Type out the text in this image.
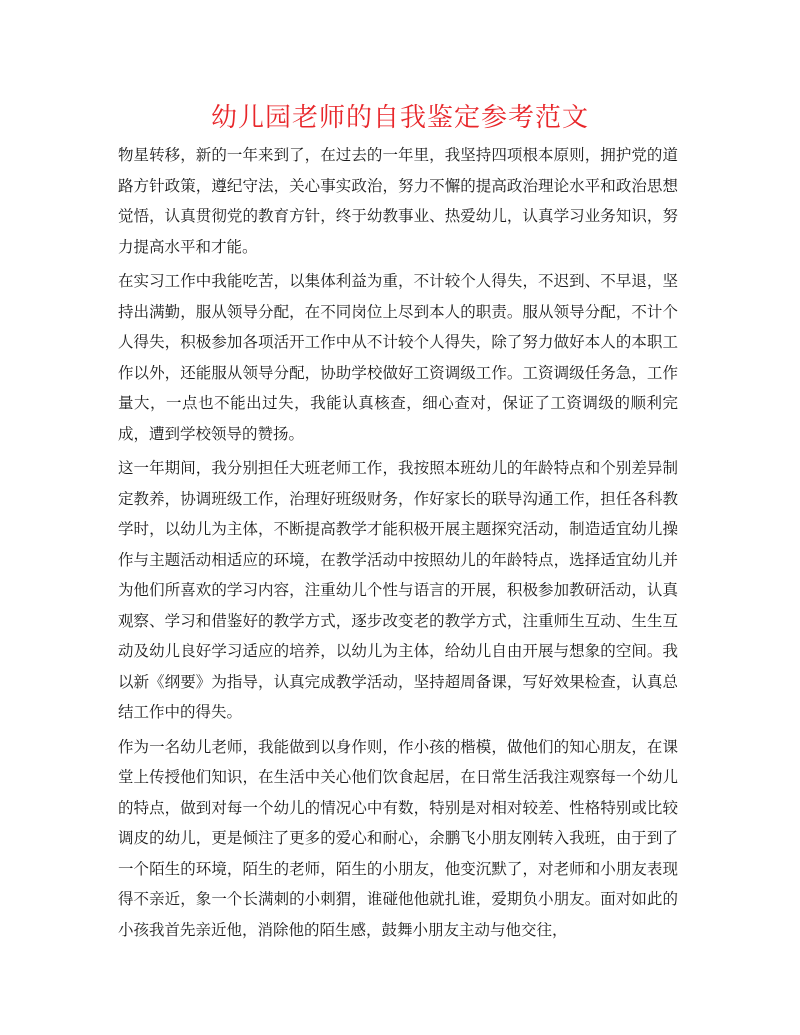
幼儿园老师的自我鉴定参考范文

物星转移，新的一年来到了，在过去的一年里，我坚持四项根本原则，拥护党的道路方针政策，遵纪守法，关心事实政治，努力不懈的提高政治理论水平和政治思想觉悟，认真贯彻党的教育方针，终于幼教事业、热爱幼儿，认真学习业务知识，努力提高水平和才能。

在实习工作中我能吃苦，以集体利益为重，不计较个人得失，不迟到、不早退，坚持出满勤，服从领导分配，在不同岗位上尽到本人的职责。服从领导分配，不计个人得失，积极参加各项活开工作中从不计较个人得失，除了努力做好本人的本职工作以外，还能服从领导分配，协助学校做好工资调级工作。工资调级任务急，工作量大，一点也不能出过失，我能认真核查，细心查对，保证了工资调级的顺利完成，遭到学校领导的赞扬。

这一年期间，我分别担任大班老师工作，我按照本班幼儿的年龄特点和个别差异制定教养，协调班级工作，治理好班级财务，作好家长的联导沟通工作，担任各科教学时，以幼儿为主体，不断提高教学才能积极开展主题探究活动，制造适宜幼儿操作与主题活动相适应的环境，在教学活动中按照幼儿的年龄特点，选择适宜幼儿并为他们所喜欢的学习内容，注重幼儿个性与语言的开展，积极参加教研活动，认真观察、学习和借鉴好的教学方式，逐步改变老的教学方式，注重师生互动、生生互动及幼儿良好学习适应的培养，以幼儿为主体，给幼儿自由开展与想象的空间。我以新《纲要》为指导，认真完成教学活动，坚持超周备课，写好效果检查，认真总结工作中的得失。

作为一名幼儿老师，我能做到以身作则，作小孩的楷模，做他们的知心朋友，在课堂上传授他们知识，在生活中关心他们饮食起居，在日常生活我注观察每一个幼儿的特点，做到对每一个幼儿的情况心中有数，特别是对相对较差、性格特别或比较调皮的幼儿，更是倾注了更多的爱心和耐心，余鹏飞小朋友刚转入我班，由于到了一个陌生的环境，陌生的老师，陌生的小朋友，他变沉默了，对老师和小朋友表现得不亲近，象一个长满刺的小刺猬，谁碰他他就扎谁，爱期负小朋友。面对如此的小孩我首先亲近他，消除他的陌生感，鼓舞小朋友主动与他交往，
